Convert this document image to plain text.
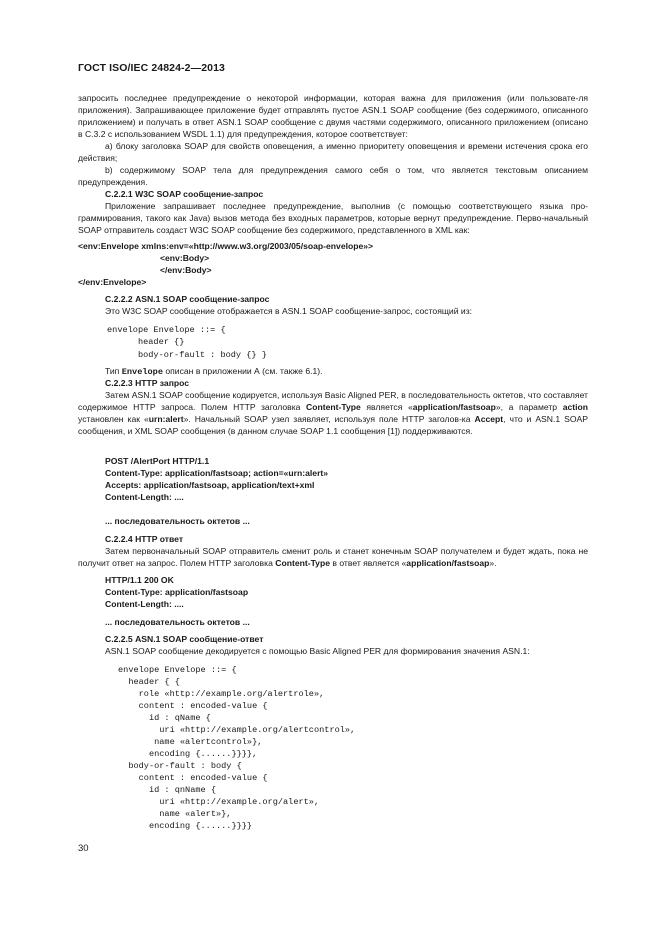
ГОСТ ISO/IEC 24824-2—2013
запросить последнее предупреждение о некоторой информации, которая важна для приложения (или пользовате-ля приложения). Запрашивающее приложение будет отправлять пустое ASN.1 SOAP сообщение (без содержимого, описанного приложением) и получать в ответ ASN.1 SOAP сообщение с двумя частями содержимого, описанного приложением (описано в С.3.2 с использованием WSDL 1.1) для предупреждения, которое соответствует:
а) блоку заголовка SOAP для свойств оповещения, а именно приоритету оповещения и времени истечения срока его действия;
b) содержимому SOAP тела для предупреждения самого себя о том, что является текстовым описанием предупреждения.
С.2.2.1 W3C SOAP сообщение-запрос
Приложение запрашивает последнее предупреждение, выполнив (с помощью соответствующего языка про-граммирования, такого как Java) вызов метода без входных параметров, которые вернут предупреждение. Перво-начальный SOAP отправитель создаст W3C SOAP сообщение без содержимого, представленного в XML как:
<env:Envelope xmlns:env=«http://www.w3.org/2003/05/soap-envelope»>
<env:Body>
</env:Body>
</env:Envelope>
С.2.2.2 ASN.1 SOAP сообщение-запрос
Это W3C SOAP сообщение отображается в ASN.1 SOAP сообщение-запрос, состоящий из:
envelope Envelope ::= {
header {}
body-or-fault : body {} }
Тип Envelope описан в приложении А (см. также 6.1).
С.2.2.3 HTTP запрос
Затем ASN.1 SOAP сообщение кодируется, используя Basic Aligned PER, в последовательность октетов, что составляет содержимое HTTP запроса. Полем HTTP заголовка Content-Type является «application/fastsoap», а параметр action установлен как «urn:alert». Начальный SOAP узел заявляет, используя поле HTTP заголов-ка Accept, что и ASN.1 SOAP сообщения, и XML SOAP сообщения (в данном случае SOAP 1.1 сообщения [1]) поддерживаются.
POST /AlertPort HTTP/1.1
Content-Type: application/fastsoap; action=«urn:alert»
Accepts: application/fastsoap, application/text+xml
Content-Length: ....
... последовательность октетов ...
С.2.2.4 HTTP ответ
Затем первоначальный SOAP отправитель сменит роль и станет конечным SOAP получателем и будет ждать, пока не получит ответ на запрос. Полем HTTP заголовка Content-Type в ответ является «application/fastsoap».
HTTP/1.1 200 OK
Content-Type: application/fastsoap
Content-Length: ....
... последовательность октетов ...
С.2.2.5 ASN.1 SOAP сообщение-ответ
ASN.1 SOAP сообщение декодируется с помощью Basic Aligned PER для формирования значения ASN.1:
envelope Envelope ::= {
header { {
role «http://example.org/alertrole»,
content : encoded-value {
id : qName {
uri «http://example.org/alertcontrol»,
name «alertcontrol»},
encoding {......}}}},
body-or-fault : body {
content : encoded-value {
id : qnName {
uri «http://example.org/alert»,
name «alert»},
encoding {......}}}}
30
